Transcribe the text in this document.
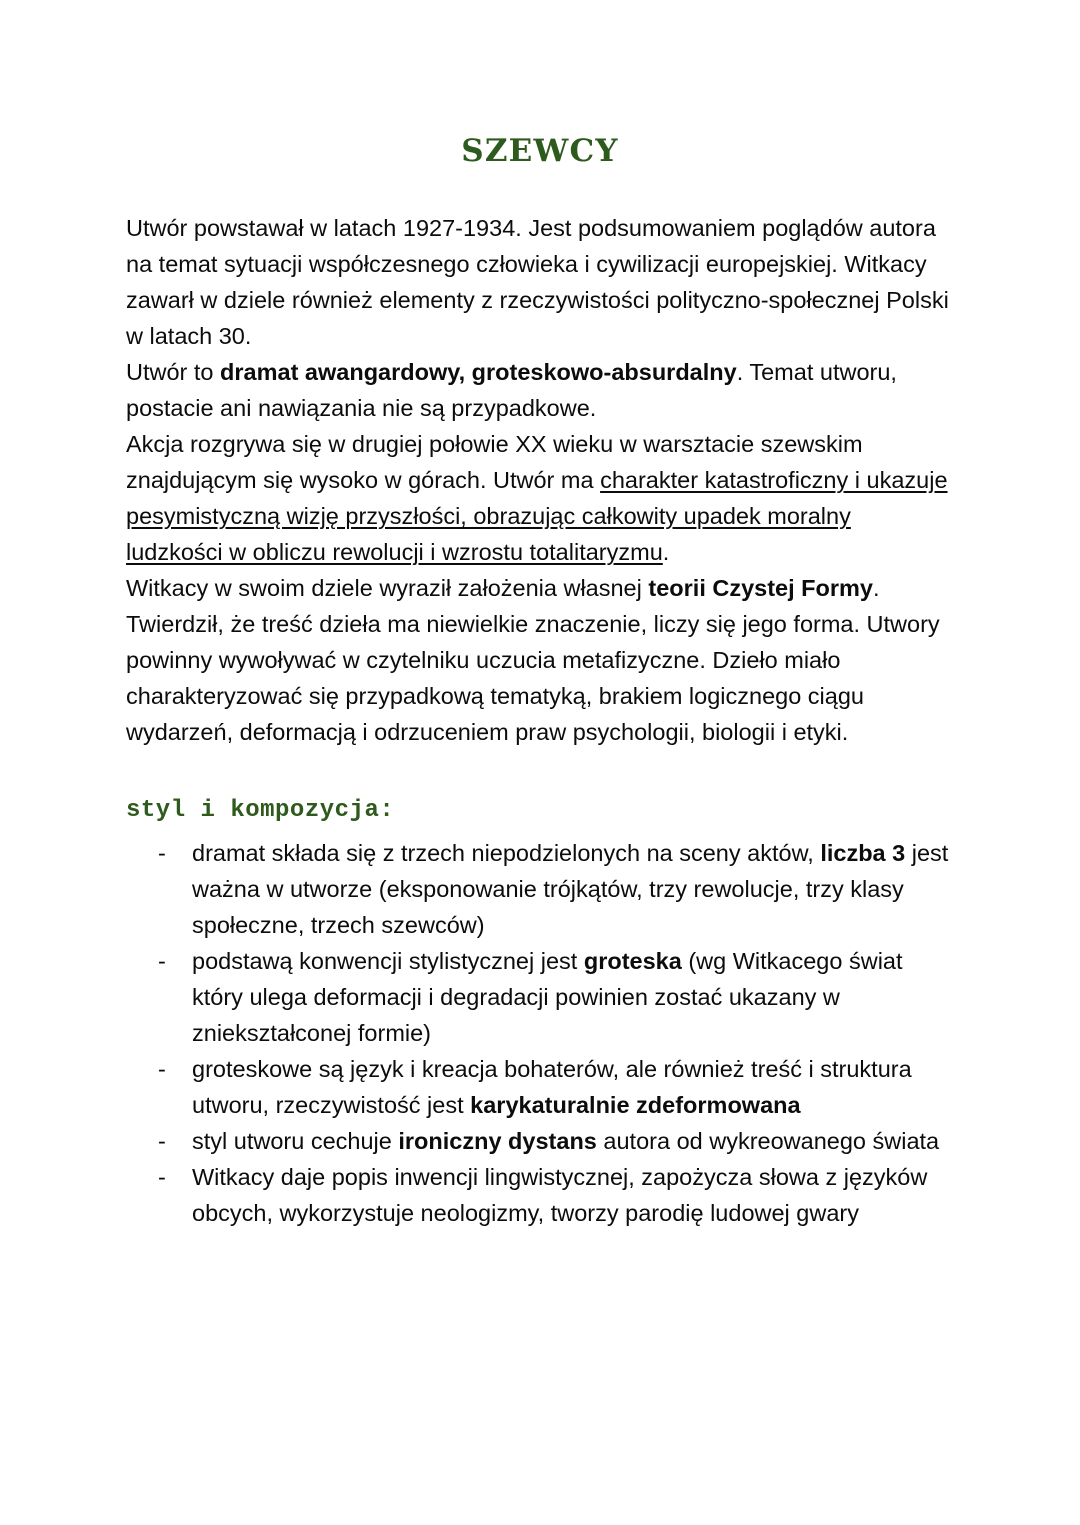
SZEWCY

Utwór powstawał w latach 1927-1934. Jest podsumowaniem poglądów autora na temat sytuacji współczesnego człowieka i cywilizacji europejskiej. Witkacy zawarł w dziele również elementy z rzeczywistości polityczno-społecznej Polski w latach 30.

Utwór to dramat awangardowy, groteskowo-absurdalny. Temat utworu, postacie ani nawiązania nie są przypadkowe.

Akcja rozgrywa się w drugiej połowie XX wieku w warsztacie szewskim znajdującym się wysoko w górach. Utwór ma charakter katastroficzny i ukazuje pesymistyczną wizję przyszłości, obrazując całkowity upadek moralny ludzkości w obliczu rewolucji i wzrostu totalitaryzmu.

Witkacy w swoim dziele wyraził założenia własnej teorii Czystej Formy. Twierdził, że treść dzieła ma niewielkie znaczenie, liczy się jego forma. Utwory powinny wywoływać w czytelniku uczucia metafizyczne. Dzieło miało charakteryzować się przypadkową tematyką, brakiem logicznego ciągu wydarzeń, deformacją i odrzuceniem praw psychologii, biologii i etyki.

styl i kompozycja:
- dramat składa się z trzech niepodzielonych na sceny aktów, liczba 3 jest ważna w utworze (eksponowanie trójkątów, trzy rewolucje, trzy klasy społeczne, trzech szewców)
- podstawą konwencji stylistycznej jest groteska (wg Witkacego świat który ulega deformacji i degradacji powinien zostać ukazany w zniekształconej formie)
- groteskowe są język i kreacja bohaterów, ale również treść i struktura utworu, rzeczywistość jest karykaturalnie zdeformowana
- styl utworu cechuje ironiczny dystans autora od wykreowanego świata
- Witkacy daje popis inwencji lingwistycznej, zapożycza słowa z języków obcych, wykorzystuje neologizmy, tworzy parodię ludowej gwary
